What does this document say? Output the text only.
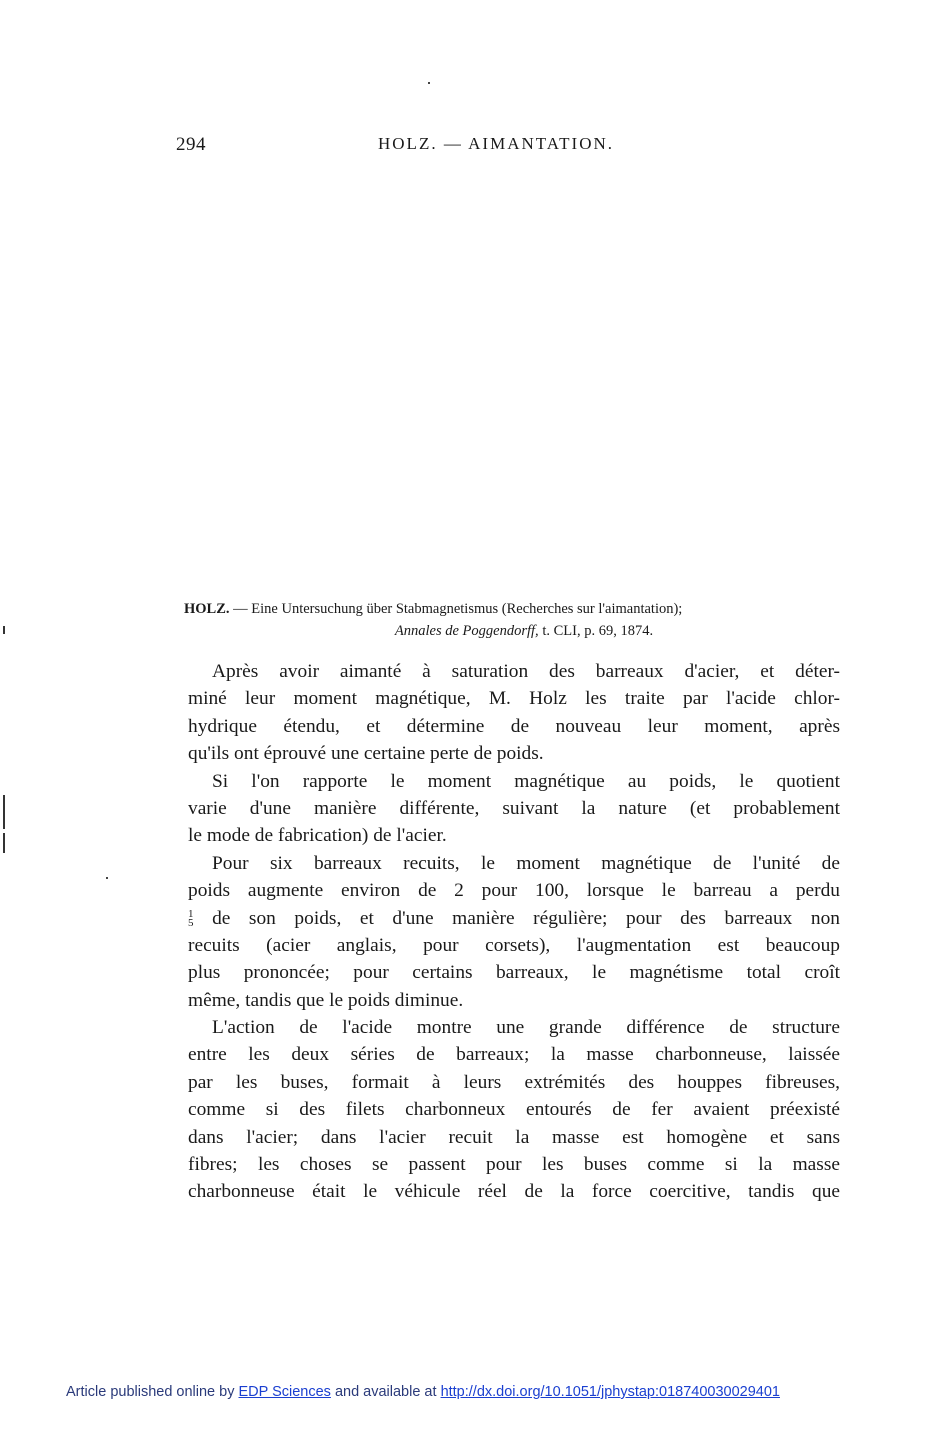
294	HOLZ. — AIMANTATION.
HOLZ. — Eine Untersuchung über Stabmagnetismus (Recherches sur l'aimantation);
Annales de Poggendorff, t. CLI, p. 69, 1874.
Après avoir aimanté à saturation des barreaux d'acier, et déter-
miné leur moment magnétique, M. Holz les traite par l'acide chlor-
hydrique étendu, et détermine de nouveau leur moment, après
qu'ils ont éprouvé une certaine perte de poids.
Si l'on rapporte le moment magnétique au poids, le quotient
varie d'une manière différente, suivant la nature (et probablement
le mode de fabrication) de l'acier.
Pour six barreaux recuits, le moment magnétique de l'unité de
poids augmente environ de 2 pour 100, lorsque le barreau a perdu
1
5 de son poids, et d'une manière régulière; pour des barreaux non
recuits (acier anglais, pour corsets), l'augmentation est beaucoup
plus prononcée; pour certains barreaux, le magnétisme total croît
même, tandis que le poids diminue.
L'action de l'acide montre une grande différence de structure
entre les deux séries de barreaux; la masse charbonneuse, laissée
par les buses, formait à leurs extrémités des houppes fibreuses,
comme si des filets charbonneux entourés de fer avaient préexisté
dans l'acier; dans l'acier recuit la masse est homogène et sans
fibres; les choses se passent pour les buses comme si la masse
charbonneuse était le véhicule réel de la force coercitive, tandis que
Article published online by EDP Sciences and available at http://dx.doi.org/10.1051/jphystap:018740030029401
